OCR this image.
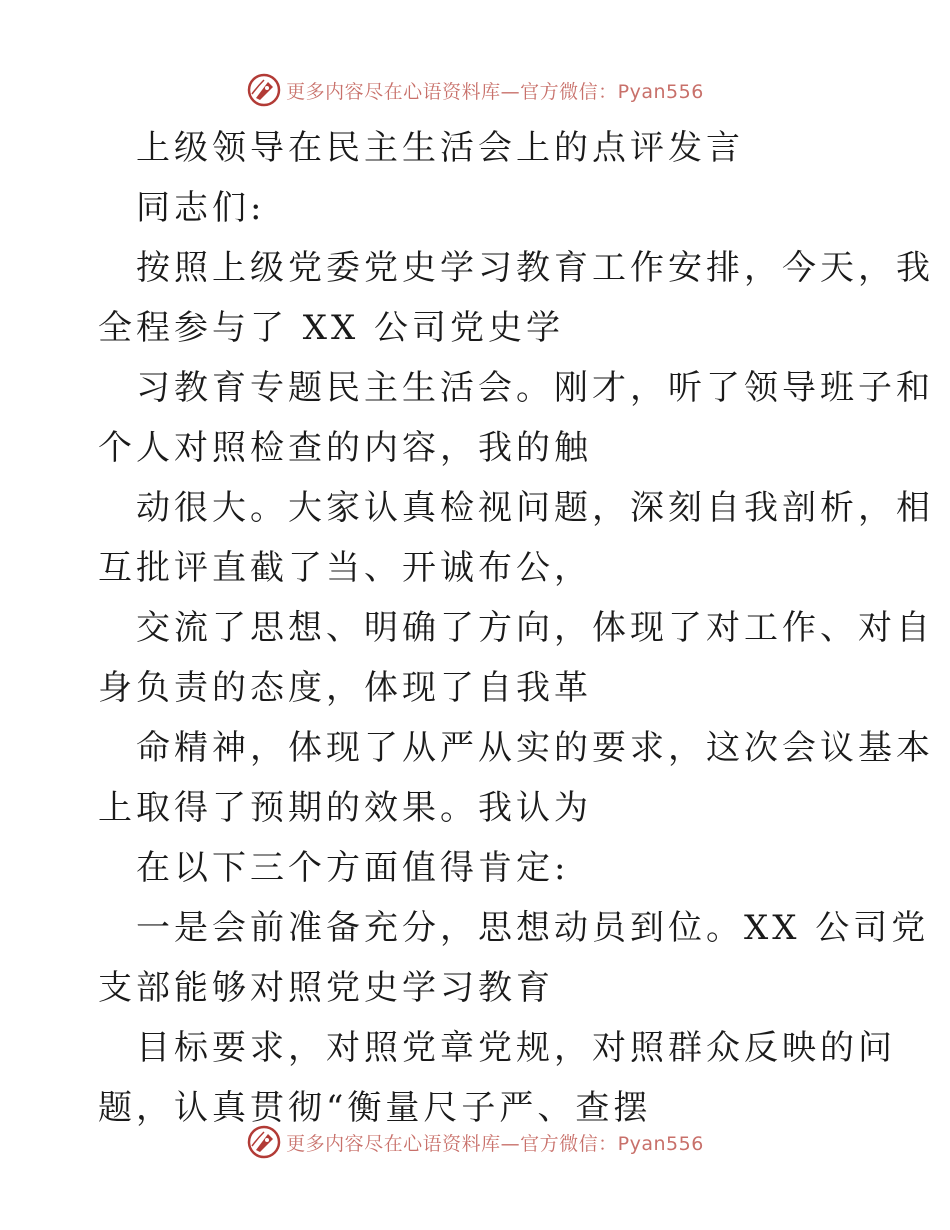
更多内容尽在心语资料库—官方微信：Pyan556
上级领导在民主生活会上的点评发言
同志们:
按照上级党委党史学习教育工作安排，今天，我
全程参与了 XX 公司党史学
习教育专题民主生活会。刚才，听了领导班子和
个人对照检查的内容，我的触
动很大。大家认真检视问题，深刻自我剖析，相
互批评直截了当、开诚布公，
交流了思想、明确了方向，体现了对工作、对自
身负责的态度，体现了自我革
命精神，体现了从严从实的要求，这次会议基本
上取得了预期的效果。我认为
在以下三个方面值得肯定:
一是会前准备充分，思想动员到位。XX 公司党
支部能够对照党史学习教育
目标要求，对照党章党规，对照群众反映的问
题，认真贯彻“衡量尺子严、查摆
更多内容尽在心语资料库—官方微信：Pyan556
